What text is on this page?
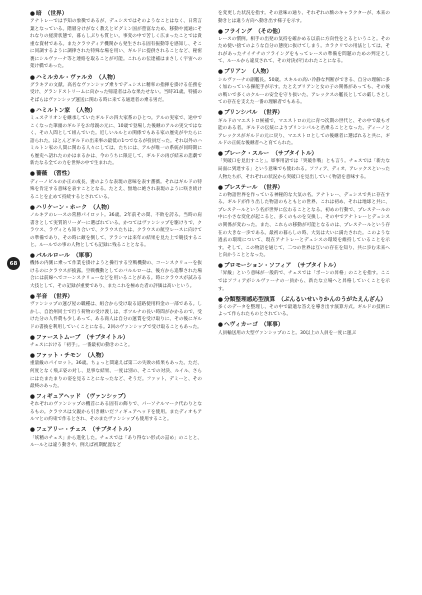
68
●暗 （世界）
アナトレーでは予知の象徴であるが、デュシスではそのようなことはなく、日常言葉となっている。階層分けがなく教えとビグミン国が豊富なため、移動や流通にそれなりの経済状態で、暮らしぶりも質とい。事変の中で苦しく広まったことでは貴重な資材である。またクラウディア機関から発生される固有振動等を感知し、そこに同調するように調律された特殊な場を用い、ギルドに提供されることなど、秘密裏にシルヴァーナ等と連絡を取ることが可能。これらの伝達補はまさしく宇宙への架け橋であった。
●ハミルカル・ヴァルカ （人物）
グラキアの文献。高名なヴァンシップ乗りでデュシスに精率の指揮を掛ける任務を受け、グランドストリームに向かった帰還者はみな果たせない。当時31歳。特捕のそばらはヴァンシップ運送に関わる時に来てる通達者の乗る男だ。
●ハミルトン家 （人物）
ミュステリオンを継承していたギルドの四大家系のひとつ。アルの実家で、途中でこくなった筆頭のギルドをお母親の元に、10歳で登場した後継のアルの実父ではなく、その人間として組んでいた。近しいルルとの関係でもある家の歴史がやたらに語られた。ほとんどギルドの出来事の最低の1つでなるが役員だった。それ以外のハミルトン家の人間に関わる人々にしては、たちには、アルが唯一の系統が同時期にも歴史へ語れたのかはまるかは、今のうちに限定して、ギルドの再び結末の悲劇で新たなる全ての力を世界の中で生まれた。
●薔薇 （習性）
ディーノビルのか正の成長、妻のような表現の意味を表す薔薇。それはギルドの特殊を肯定する意味を表すこととなる。たとえ、無地に絶され表現のように咲き続けることを止めて持続するとされている。
●ハリケーン・ホーク （人物）
ノルキアのレースの常勝パイロット。36歳。2年前その間、不敗を誇る。当時の肩書きとして実質的リーダーに選ばれている。かつてはヴァンシップを駆けりで、クラウス、ラヴィとも知り合いで、クラウスたちは、クラウスの航空レースに向けての準備であり、その時に敵を倒して、アラシマは来年の結果を見た上で競技すること。ルールでの事の人物としても記録に残ることとなる。
●バルルロール （軍事）
機体の内側に乗って作業を掛けようと操行する空戦機動の、コーンスクリューを抜けるのにクラウスが披露。空戦機動としてのバルルローは、後方から追撃された場合には前線へでコーンスクリューなどを用いることがある。時にクラウスが試みる大技として、その記録が重要であり、またこれを極めた者の評価は高いという。
●半音 （世界）
ヴァンシップの運び屋の職種は、組合から受け取る道路使用料金の一部である。しかし、自治州同士で行う荷物の受け渡しは、ボツルナの長い時間がかかるので、受けた分の人件費も少しあって、ある商人は自分の運賃を受け取りに、その後にギルドの書換を利用していくことになる。2回のヴァンシップで受け取ることもあった。
●ファーストムーブ （サブタイトル）
チェスにおける「初手」。一番最初の動きのこと。
●ファット・チモン （人物）
重量級のパイロット。36歳。ちょっと間違えば第二の失敗の結果もあった。ただ、何度となく飛ぶ姿の対し、見事な結果、一度は別の、そこでの対決、ルイル、さらにはたまたまりの姿を見ることになったなど、そうだ。ファット、デミーと、その最終のあった。
●フィギュアヘッド （ヴァンシップ）
それぞれのヴァンシップの機首にある固有の飾りで、パーソナルマーク代わりとなるもの。クラウスは父親から引き継いだフィギュアヘッドを使用。またディオもアルマとの約束で作るとされ、そのまたヴァンシップも使用すること。
●フェアリー・チェス （サブタイトル）
「妖精のチェス」から進化した。チェスでは「あり得ない形式の詰め」のことと、ルールとは違う動きや、例えば初期配置など
を変更した状況を指す。その意味の通り、それぞれの駒のキャラクターが、本来の動きとは違う方向へ動き出す様子を示す。
●フライング （その他）
レースの慣例。相手の出発の気持を確かめる以前に方向性をとるということ。そのため使い捨てのような自分の態度に抜けてしまう。カラクリでの用法としては、それがあったチイチチのフライングをもってレースの準備を問題のための判定として、ルールから違反されて、その対決が行われたことになる。
●ブリアン （人物）
シルヴァーナの副艦長。50歳。スキルの高い冷静な判断ができる、自分の理解に多く加わっている操舵手が示す。たとえブリアンと女の子の関係があっても、その後の戦いで多くのクルーの安全を守り抜いた。アレックスの艦長としての厳しさとしての存在を支えた一番の理解者でもある。
●プリンシパル （世界）
ギルドのマエストロ候補で、マエストロの元に育つ次期の世代と、その中で最も才能のある者。ギルドの伝統によりプリンシパルと名乗ることとなった。ディーノとアレックスがギルドの元に戻り、マエストロとしての後継者に選ばれると共に、ギルドの正統な後継者へと育てられた。
●ブレーク・スルー （サブタイトル）
「突破口を見出すこと」。軍事用語では「突破作戦」とも言う。チェスでは「新たな局面に到達する」という意味でも使われる。ソフィア、ディオ、アレックスといった人物たちが、それぞれの状況から突破口を見出していく物語を意味する。
●プレステール （世界）
この物語世界を作っている神秘的な大気の名。アナトレー、デュシスで共に存在する。ギルドが作り出した物語のもともとの世界、これは初め、それは地球と共に、プレステールという名が世界に伝わることとなる。初めの行動で、プレステールの中に小さな変化が起こると、多くのものを交換し、その中でアナトレーとデュシスの関係が変わった。また、これらの移動が可能となるのは、プレステールという存在の大きな一歩である。最初の暮らしの時、大気は大いに満たされた。このような過去の環境について、現在アナトレーとデュシスの環境を維持していることを示す。そして、この物語を通じて、二つの世界は互いの存在を知り、共に歩む未来へと向かうこととなった。
●プロモーション・ソフィア （サブタイトル）
「昇級」という意味が一般的で、チェスでは「ポーンの昇格」のことを指す。ここではソフィアがシルヴァーナの一員から、新たな立場へと昇格していくことを示す。
●分類整理感応型演算 （ぶんるいせいりかんのうがたえんざん）
多くのデータを整理し、その中で最適な答えを導き出す演算方式。ギルドの技術によって作られたものとされている。
●ヘヴィカーゴ （軍事）
人員輸送用の大型ヴァンシップのこと。30以上の人員を一度に運ぶ
